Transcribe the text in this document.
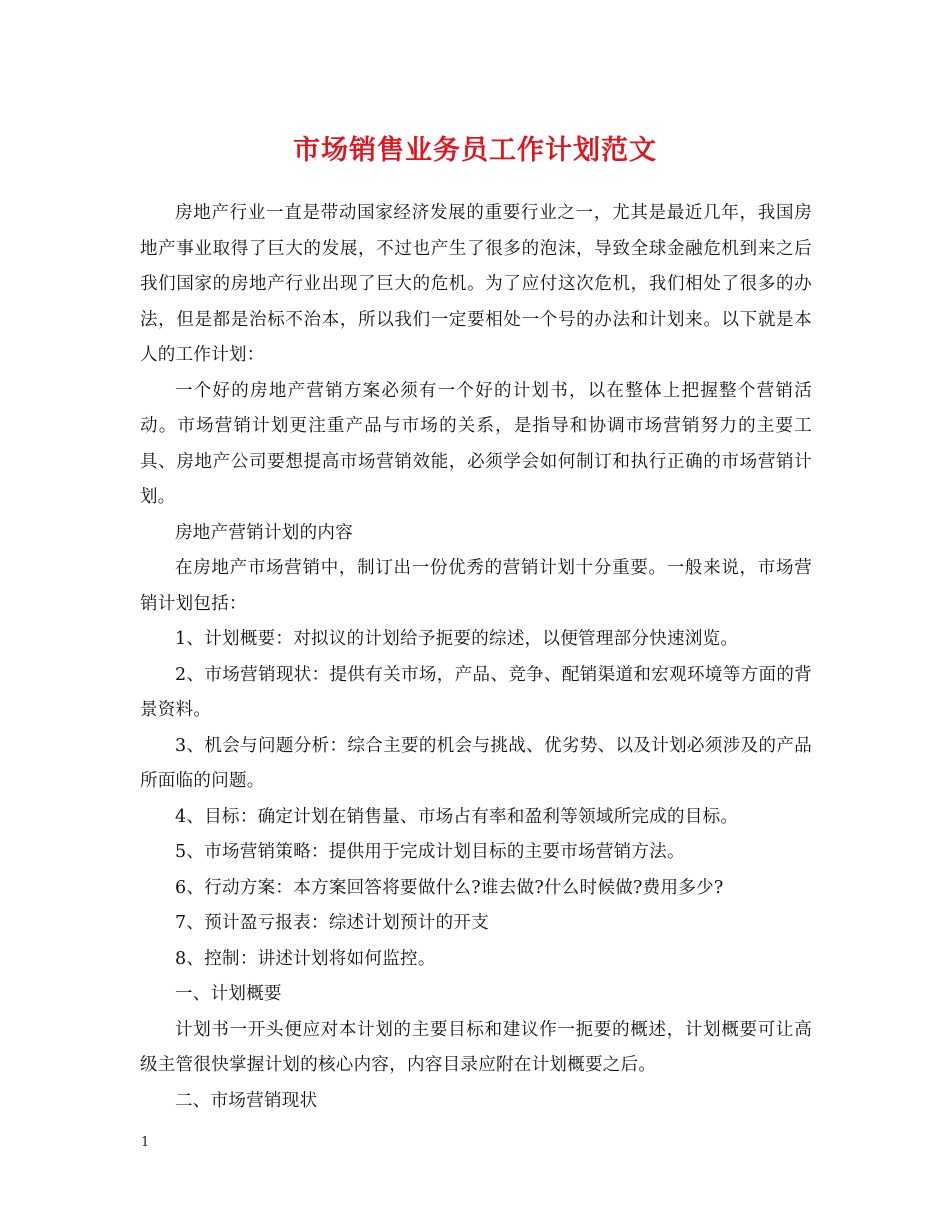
市场销售业务员工作计划范文

房地产行业一直是带动国家经济发展的重要行业之一，尤其是最近几年，我国房地产事业取得了巨大的发展，不过也产生了很多的泡沫，导致全球金融危机到来之后我们国家的房地产行业出现了巨大的危机。为了应付这次危机，我们相处了很多的办法，但是都是治标不治本，所以我们一定要相处一个号的办法和计划来。以下就是本人的工作计划：

一个好的房地产营销方案必须有一个好的计划书，以在整体上把握整个营销活动。市场营销计划更注重产品与市场的关系，是指导和协调市场营销努力的主要工具、房地产公司要想提高市场营销效能，必须学会如何制订和执行正确的市场营销计划。

房地产营销计划的内容

在房地产市场营销中，制订出一份优秀的营销计划十分重要。一般来说，市场营销计划包括：

1、计划概要：对拟议的计划给予扼要的综述，以便管理部分快速浏览。

2、市场营销现状：提供有关市场，产品、竞争、配销渠道和宏观环境等方面的背景资料。

3、机会与问题分析：综合主要的机会与挑战、优劣势、以及计划必须涉及的产品所面临的问题。

4、目标：确定计划在销售量、市场占有率和盈利等领域所完成的目标。

5、市场营销策略：提供用于完成计划目标的主要市场营销方法。

6、行动方案：本方案回答将要做什么?谁去做?什么时候做?费用多少?

7、预计盈亏报表：综述计划预计的开支

8、控制：讲述计划将如何监控。

一、计划概要

计划书一开头便应对本计划的主要目标和建议作一扼要的概述，计划概要可让高级主管很快掌握计划的核心内容，内容目录应附在计划概要之后。

二、市场营销现状

1
